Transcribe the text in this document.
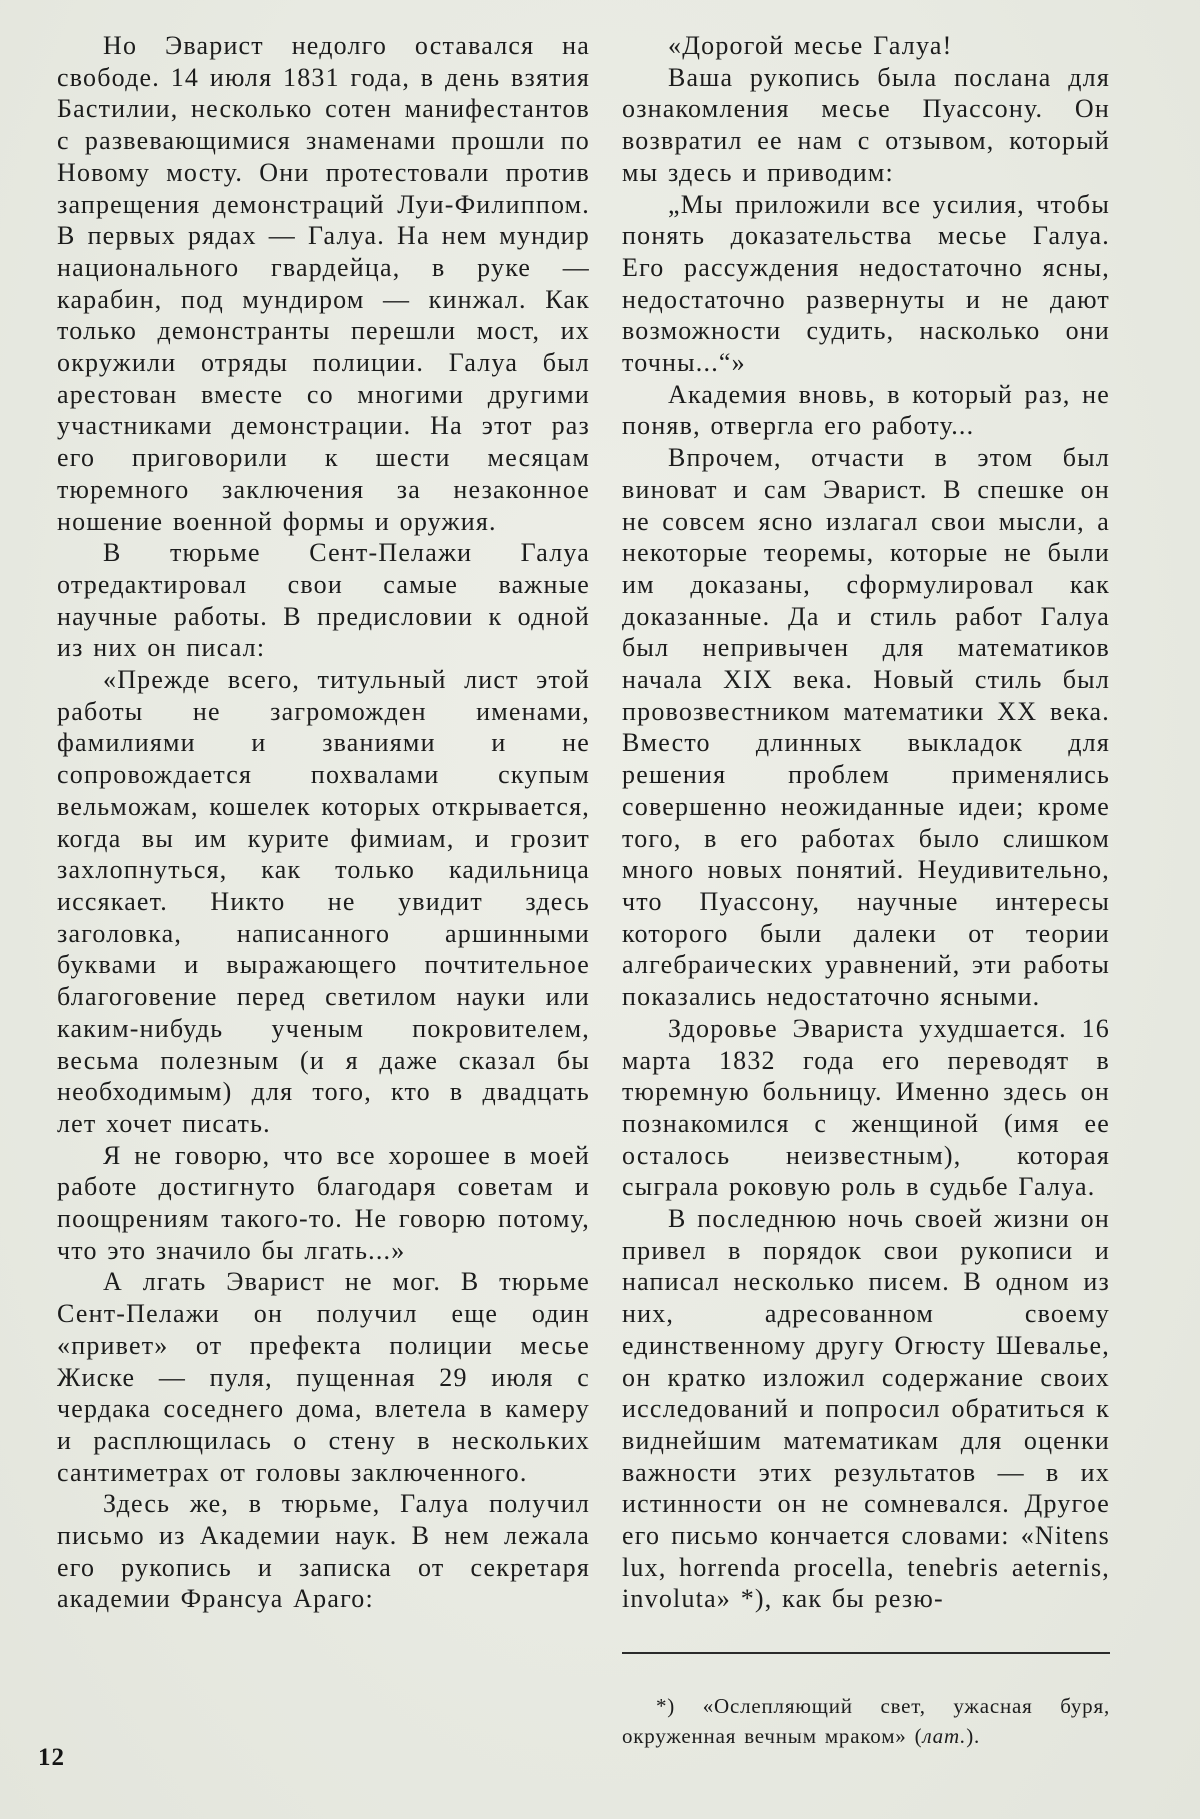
Но Эварист недолго оставался на свободе. 14 июля 1831 года, в день взятия Бастилии, несколько сотен манифестантов с развевающимися знаменами прошли по Новому мосту. Они протестовали против запрещения демонстраций Луи-Филиппом. В первых рядах — Галуа. На нем мундир национального гвардейца, в руке — карабин, под мундиром — кинжал. Как только демонстранты перешли мост, их окружили отряды полиции. Галуа был арестован вместе со многими другими участниками демонстрации. На этот раз его приговорили к шести месяцам тюремного заключения за незаконное ношение военной формы и оружия.

В тюрьме Сент-Пелажи Галуа отредактировал свои самые важные научные работы. В предисловии к одной из них он писал:

«Прежде всего, титульный лист этой работы не загроможден именами, фамилиями и званиями и не сопровождается похвалами скупым вельможам, кошелек которых открывается, когда вы им курите фимиам, и грозит захлопнуться, как только кадильница иссякает. Никто не увидит здесь заголовка, написанного аршинными буквами и выражающего почтительное благоговение перед светилом науки или каким-нибудь ученым покровителем, весьма полезным (и я даже сказал бы необходимым) для того, кто в двадцать лет хочет писать.

Я не говорю, что все хорошее в моей работе достигнуто благодаря советам и поощрениям такого-то. Не говорю потому, что это значило бы лгать...»

А лгать Эварист не мог. В тюрьме Сент-Пелажи он получил еще один «привет» от префекта полиции месье Жиске — пуля, пущенная 29 июля с чердака соседнего дома, влетела в камеру и расплющилась о стену в нескольких сантиметрах от головы заключенного.

Здесь же, в тюрьме, Галуа получил письмо из Академии наук. В нем лежала его рукопись и записка от секретаря академии Франсуа Араго:

«Дорогой месье Галуа!

Ваша рукопись была послана для ознакомления месье Пуассону. Он возвратил ее нам с отзывом, который мы здесь и приводим:

„Мы приложили все усилия, чтобы понять доказательства месье Галуа. Его рассуждения недостаточно ясны, недостаточно развернуты и не дают возможности судить, насколько они точны...“»

Академия вновь, в который раз, не поняв, отвергла его работу...

Впрочем, отчасти в этом был виноват и сам Эварист. В спешке он не совсем ясно излагал свои мысли, а некоторые теоремы, которые не были им доказаны, сформулировал как доказанные. Да и стиль работ Галуа был непривычен для математиков начала XIX века. Новый стиль был провозвестником математики XX века. Вместо длинных выкладок для решения проблем применялись совершенно неожиданные идеи; кроме того, в его работах было слишком много новых понятий. Неудивительно, что Пуассону, научные интересы которого были далеки от теории алгебраических уравнений, эти работы показались недостаточно ясными.

Здоровье Эвариста ухудшается. 16 марта 1832 года его переводят в тюремную больницу. Именно здесь он познакомился с женщиной (имя ее осталось неизвестным), которая сыграла роковую роль в судьбе Галуа.

В последнюю ночь своей жизни он привел в порядок свои рукописи и написал несколько писем. В одном из них, адресованном своему единственному другу Огюсту Шевалье, он кратко изложил содержание своих исследований и попросил обратиться к виднейшим математикам для оценки важности этих результатов — в их истинности он не сомневался. Другое его письмо кончается словами: «Nitens lux, horrenda procella, tenebris aeternis, involuta» *), как бы резю-

*) «Ослепляющий свет, ужасная буря, окруженная вечным мраком» (лат.).

12
